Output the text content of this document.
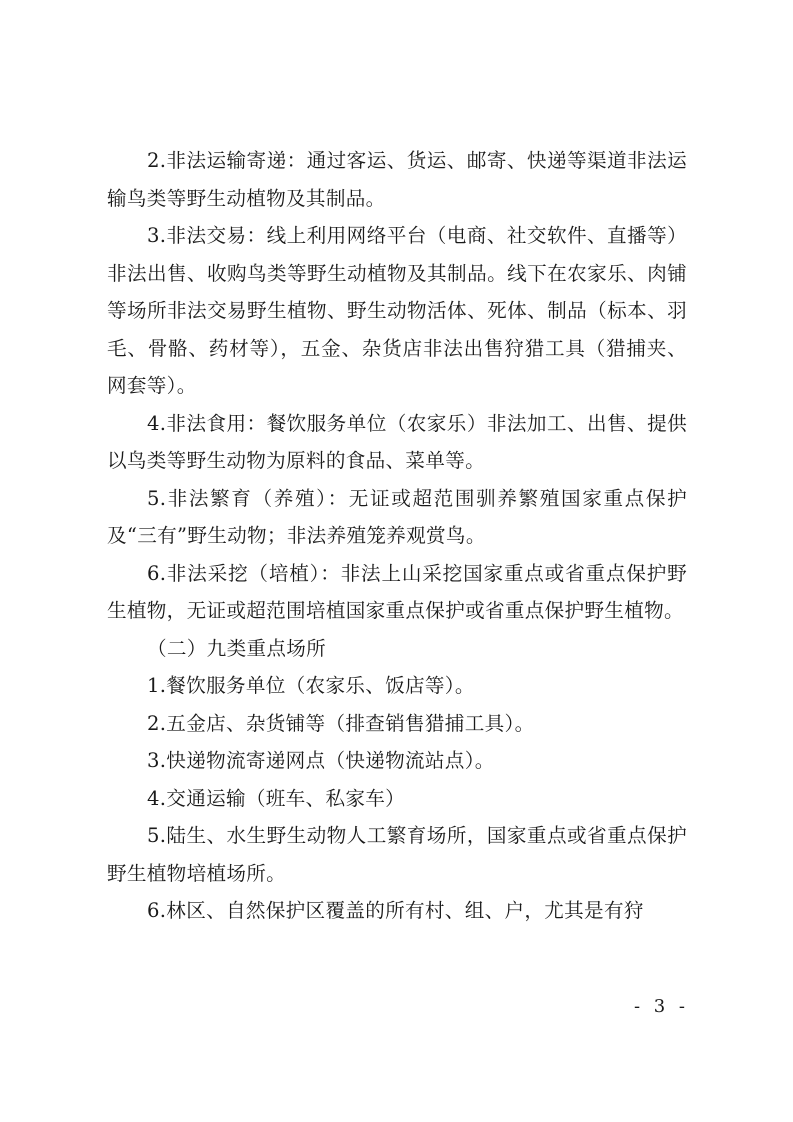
2.非法运输寄递：通过客运、货运、邮寄、快递等渠道非法运输鸟类等野生动植物及其制品。

3.非法交易：线上利用网络平台（电商、社交软件、直播等）非法出售、收购鸟类等野生动植物及其制品。线下在农家乐、肉铺等场所非法交易野生植物、野生动物活体、死体、制品（标本、羽毛、骨骼、药材等），五金、杂货店非法出售狩猎工具（猎捕夹、网套等）。

4.非法食用：餐饮服务单位（农家乐）非法加工、出售、提供以鸟类等野生动物为原料的食品、菜单等。

5.非法繁育（养殖）：无证或超范围驯养繁殖国家重点保护及“三有”野生动物；非法养殖笼养观赏鸟。

6.非法采挖（培植）：非法上山采挖国家重点或省重点保护野生植物，无证或超范围培植国家重点保护或省重点保护野生植物。

（二）九类重点场所

1.餐饮服务单位（农家乐、饭店等）。

2.五金店、杂货铺等（排查销售猎捕工具）。

3.快递物流寄递网点（快递物流站点）。

4.交通运输（班车、私家车）

5.陆生、水生野生动物人工繁育场所，国家重点或省重点保护野生植物培植场所。

6.林区、自然保护区覆盖的所有村、组、户，尤其是有狩

- 3 -
